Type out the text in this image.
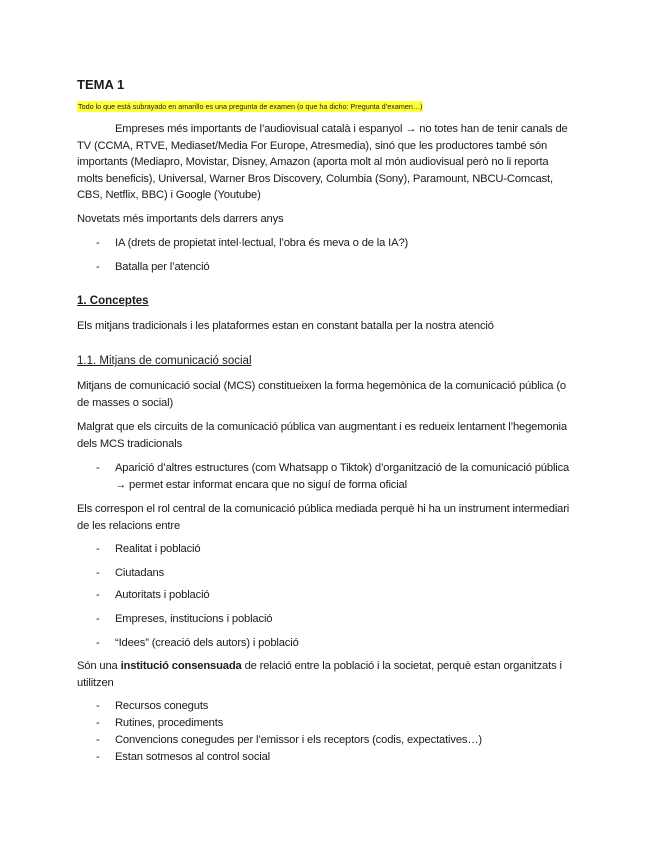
TEMA 1
Todo lo que está subrayado en amarillo es una pregunta de examen (o que ha dicho: Pregunta d’examen…)
Empreses més importants de l’audiovisual català i espanyol → no totes han de tenir canals de TV (CCMA, RTVE, Mediaset/Media For Europe, Atresmedia), sinó que les productores també són importants (Mediapro, Movistar, Disney, Amazon (aporta molt al món audiovisual però no li reporta molts beneficis), Universal, Warner Bros Discovery, Columbia (Sony), Paramount, NBCU-Comcast, CBS, Netflix, BBC) i Google (Youtube)
Novetats més importants dels darrers anys
- IA (drets de propietat intel·lectual, l’obra és meva o de la IA?)
- Batalla per l’atenció
1. Conceptes
Els mitjans tradicionals i les plataformes estan en constant batalla per la nostra atenció
1.1. Mitjans de comunicació social
Mitjans de comunicació social (MCS) constitueixen la forma hegemònica de la comunicació pública (o de masses o social)
Malgrat que els circuits de la comunicació pública van augmentant i es redueix lentament l’hegemonia dels MCS tradicionals
- Aparició d’altres estructures (com Whatsapp o Tiktok) d’organització de la comunicació pública → permet estar informat encara que no siguí de forma oficial
Els correspon el rol central de la comunicació pública mediada perquè hi ha un instrument intermediari de les relacions entre
- Realitat i població
- Ciutadans
- Autoritats i població
- Empreses, institucions i població
- “Idees” (creació dels autors) i població
Són una institució consensuada de relació entre la població i la societat, perquè estan organitzats i utilitzen
- Recursos coneguts
- Rutines, procediments
- Convencions conegudes per l’emissor i els receptors (codis, expectatives…)
- Estan sotmesos al control social
